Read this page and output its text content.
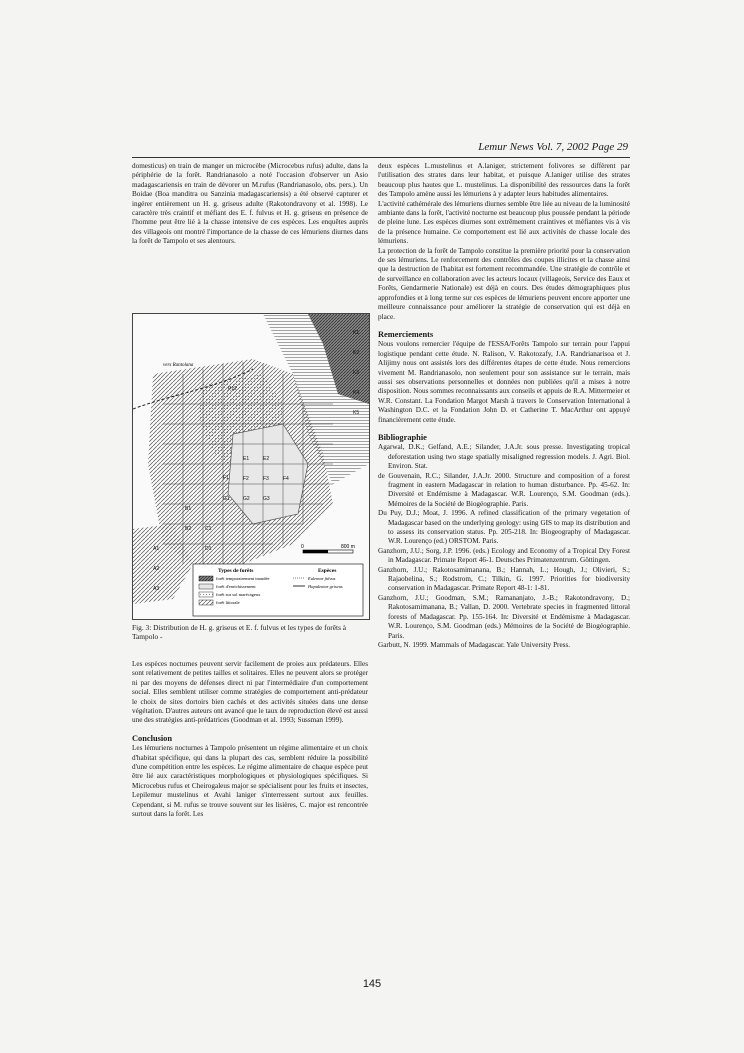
Lemur News Vol. 7, 2002 Page 29

domesticus) en train de manger un microcèbe (Microcebus rufus) adulte, dans la périphérie de la forêt. Randrianasolo a noté l'occasion d'observer un Asio madagascariensis en train de dévorer un M.rufus (Randrianasolo, obs. pers.). Un Boidae (Boa manditra ou Sanzinia madagascariensis) a été observé capturer et ingérer entièrement un H. g. griseus adulte (Rakotondravony et al. 1998). Le caractère très craintif et méfiant des E. f. fulvus et H. g. griseus en présence de l'homme peut être lié à la chasse intensive de ces espèces. Les enquêtes auprès des villageois ont montré l'importance de la chasse de ces lémuriens diurnes dans la forêt de Tampolo et ses alentours.

vers Rantolana
P12
E1	E2
F1	F2	F3	F4
G1	G2	G3
B1
B2
A1
A2
A3
C1
D1
K1
K2
K3
K4
K5
0	800 m
Types de forêts	Espèces
forêt temporairement inondée
forêt d'enrichissement
forêt sur sol marécageux
forêt littorale
Eulemur fulvus
Hapalemur griseus
Fig. 3: Distribution de H. g. griseus et E. f. fulvus et les types de forêts à Tampolo -

Les espèces nocturnes peuvent servir facilement de proies aux prédateurs. Elles sont relativement de petites tailles et solitaires. Elles ne peuvent alors se protéger ni par des moyens de défenses direct ni par l'intermédiaire d'un comportement social. Elles semblent utiliser comme stratégies de comportement anti-prédateur le choix de sites dortoirs bien cachés et des activités situées dans une dense végétation. D'autres auteurs ont avancé que le taux de reproduction élevé est aussi une des stratégies anti-prédatrices (Goodman et al. 1993; Sussman 1999).

Conclusion

Les lémuriens nocturnes à Tampolo présentent un régime alimentaire et un choix d'habitat spécifique, qui dans la plupart des cas, semblent réduire la possibilité d'une compétition entre les espèces. Le régime alimentaire de chaque espèce peut être lié aux caractéristiques morphologiques et physiologiques spécifiques. Si Microcebus rufus et Cheirogaleus major se spécialisent pour les fruits et insectes, Lepilemur mustelinus et Avahi laniger s'interressent surtout aux feuilles. Cependant, si M. rufus se trouve souvent sur les lisières, C. major est rencontrée surtout dans la forêt. Les

deux espèces L.mustelinus et A.laniger, strictement folivores se diffèrent par l'utilisation des strates dans leur habitat, et puisque A.laniger utilise des strates beaucoup plus hautes que L. mustelinus. La disponibilité des ressources dans la forêt des Tampolo amène aussi les lémuriens à y adapter leurs habitudes alimentaires.

L'activité cathémérale des lémuriens diurnes semble être liée au niveau de la luminosité ambiante dans la forêt, l'activité nocturne est beaucoup plus poussée pendant la période de pleine lune. Les espèces diurnes sont extrêmement craintives et méfiantes vis à vis de la présence humaine. Ce comportement est lié aux activités de chasse locale des lémuriens.

La protection de la forêt de Tampolo constitue la première priorité pour la conservation de ses lémuriens. Le renforcement des contrôles des coupes illicites et la chasse ainsi que la destruction de l'habitat est fortement recommandée. Une stratégie de contrôle et de surveillance en collaboration avec les acteurs locaux (villageois, Service des Eaux et Forêts, Gendarmerie Nationale) est déjà en cours. Des études démographiques plus approfondies et à long terme sur ces espèces de lémuriens peuvent encore apporter une meilleure connaissance pour améliorer la stratégie de conservation qui est déjà en place.

Remerciements

Nous voulons remercier l'équipe de l'ESSA/Forêts Tampolo sur terrain pour l'appui logistique pendant cette étude. N. Ralison, V. Rakotozafy, J.A. Randrianarisoa et J. Alijimy nous ont assistés lors des différentes étapes de cette étude. Nous remercions vivement M. Randrianasolo, non seulement pour son assistance sur le terrain, mais aussi ses observations personnelles et données non publiées qu'il a mises à notre disposition. Nous sommes reconnaissants aux conseils et appuis de R.A. Mittermeier et W.R. Constant. La Fondation Margot Marsh à travers le Conservation International à Washington D.C. et la Fondation John D. et Catherine T. MacArthur ont appuyé financièrement cette étude.

Bibliographie

Agarwal, D.K.; Gelfand, A.E.; Silander, J.A.Jr. sous presse. Investigating tropical deforestation using two stage spatially misaligned regression models. J. Agri. Biol. Environ. Stat.

de Gouvenain, R.C.; Silander, J.A.Jr. 2000. Structure and composition of a forest fragment in eastern Madagascar in relation to human disturbance. Pp. 45-62. In: Diversité et Endémisme à Madagascar. W.R. Lourenço, S.M. Goodman (eds.). Mémoires de la Société de Biogéographie. Paris.

Du Puy, D.J.; Moat, J. 1996. A refined classification of the primary vegetation of Madagascar based on the underlying geology: using GIS to map its distribution and to assess its conservation status. Pp. 205-218. In: Biogeography of Madagascar. W.R. Lourenço (ed.) ORSTOM. Paris.

Ganzhorn, J.U.; Sorg, J.P. 1996. (eds.) Ecology and Economy of a Tropical Dry Forest in Madagascar. Primate Report 46-1. Deutsches Primatenzentrum. Göttingen.

Ganzhorn, J.U.; Rakotosamimanana, B.; Hannah, L.; Hough, J.; Olivieri, S.; Rajaobelina, S.; Rodstrom, C.; Tilkin, G. 1997. Priorities for biodiversity conservation in Madagascar. Primate Report 48-1: 1-81.

Ganzhorn, J.U.; Goodman, S.M.; Ramananjato, J.-B.; Rakotondravony, D.; Rakotosamimanana, B.; Vallan, D. 2000. Vertebrate species in fragmented littoral forests of Madagascar. Pp. 155-164. In: Diversité et Endémisme à Madagascar. W.R. Lourenço, S.M. Goodman (eds.) Mémoires de la Société de Biogéographie. Paris.

Garbutt, N. 1999. Mammals of Madagascar. Yale University Press.

145
